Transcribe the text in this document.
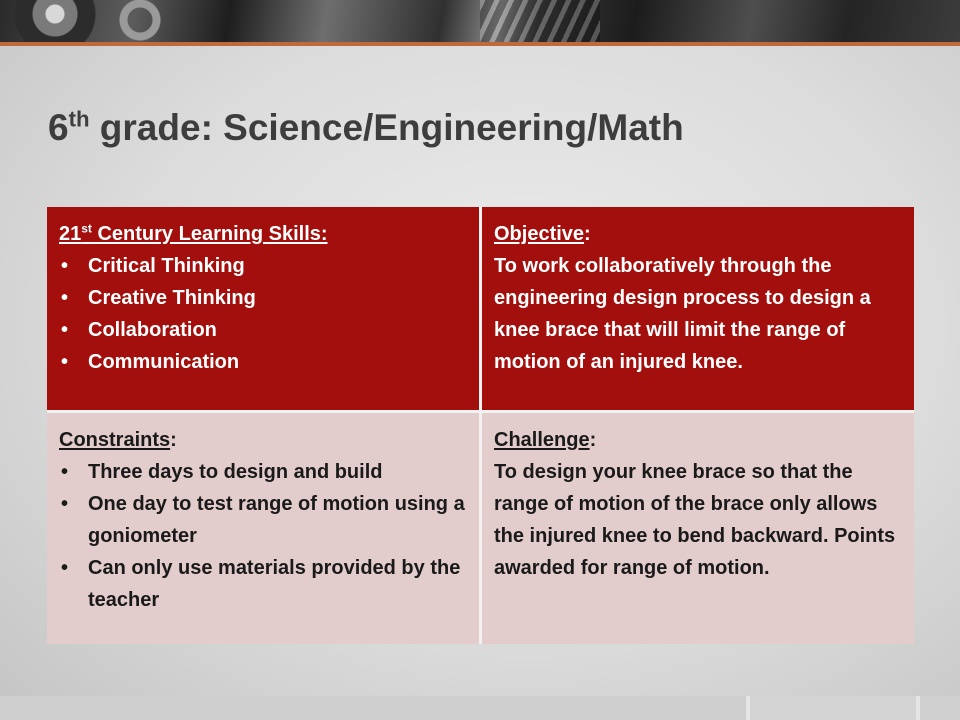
6th grade: Science/Engineering/Math
21st Century Learning Skills:
• Critical Thinking
• Creative Thinking
• Collaboration
• Communication
Objective:
To work collaboratively through the engineering design process to design a knee brace that will limit the range of motion of an injured knee.
Constraints:
• Three days to design and build
• One day to test range of motion using a goniometer
• Can only use materials provided by the teacher
Challenge:
To design your knee brace so that the range of motion of the brace only allows the injured knee to bend backward. Points awarded for range of motion.
